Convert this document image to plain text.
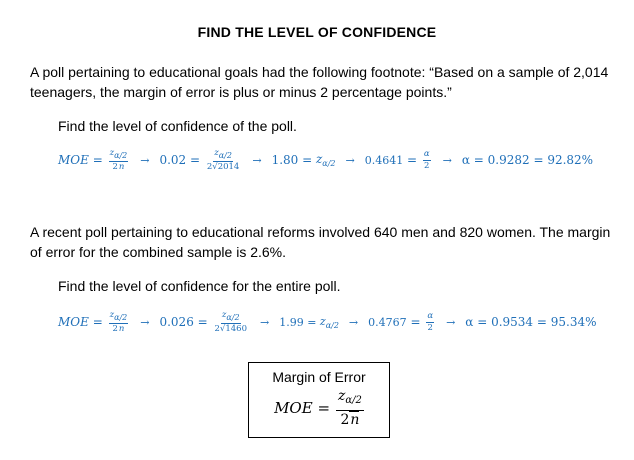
FIND THE LEVEL OF CONFIDENCE
A poll pertaining to educational goals had the following footnote: “Based on a sample of 2,014 teenagers, the margin of error is plus or minus 2 percentage points.”
Find the level of confidence of the poll.
MOE = $\frac{z\alpha/2}{2n} \to 0.02 = \frac{z\alpha/2}{2√2014} \to 1.80 = z_{\alpha/2} \to 0.4641 = \frac{\alpha}{2} \to \alpha = 0.9282 = 92.82\%$
A recent poll pertaining to educational reforms involved 640 men and 820 women. The margin of error for the combined sample is 2.6%.
Find the level of confidence for the entire poll.
MOE = $\frac{z\alpha/2}{2n} \to 0.026 = \frac{z\alpha/2}{2√1460} \to 1.99 = z_{\alpha/2} \to 0.4767 = \frac{\alpha}{2} \to \alpha = 0.9534 = 95.34\%$
Margin of Error
MOE = $\frac{z_{\alpha/2}}{2n}$
